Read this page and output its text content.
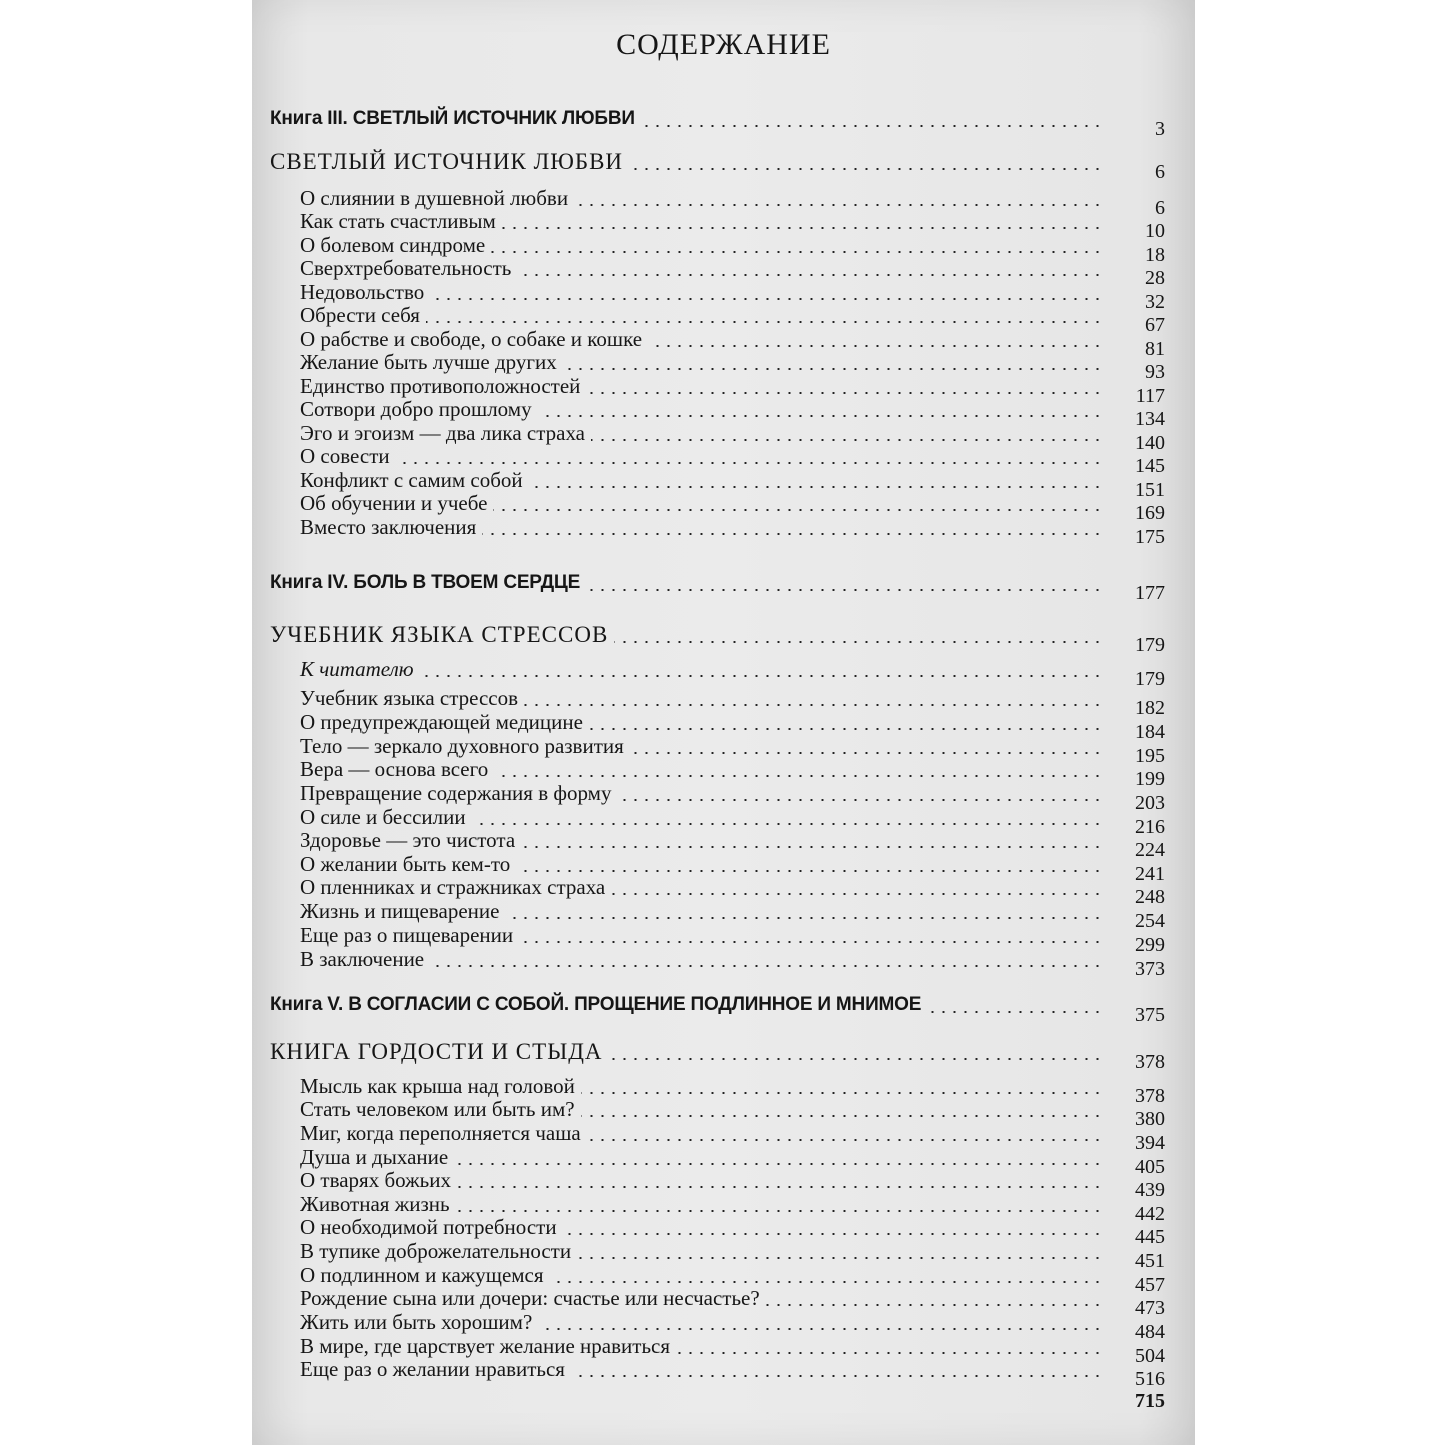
СОДЕРЖАНИЕ
Книга III. СВЕТЛЫЙ ИСТОЧНИК ЛЮБВИ	3
СВЕТЛЫЙ ИСТОЧНИК ЛЮБВИ	6
О слиянии в душевной любви	6
Как стать счастливым	10
О болевом синдроме	18
Сверхтребовательность	28
Недовольство	32
Обрести себя	67
О рабстве и свободе, о собаке и кошке	81
Желание быть лучше других	93
Единство противоположностей	117
Сотвори добро прошлому	134
Эго и эгоизм — два лика страха	140
О совести	145
Конфликт с самим собой	151
Об обучении и учебе	169
Вместо заключения	175
Книга IV. БОЛЬ В ТВОЕМ СЕРДЦЕ	177
УЧЕБНИК ЯЗЫКА СТРЕССОВ	179
К читателю	179
Учебник языка стрессов	182
О предупреждающей медицине	184
Тело — зеркало духовного развития	195
Вера — основа всего	199
Превращение содержания в форму	203
О силе и бессилии	216
Здоровье — это чистота	224
О желании быть кем-то	241
О пленниках и стражниках страха	248
Жизнь и пищеварение	254
Еще раз о пищеварении	299
В заключение	373
Книга V. В СОГЛАСИИ С СОБОЙ. ПРОЩЕНИЕ ПОДЛИННОЕ И МНИМОЕ	375
КНИГА ГОРДОСТИ И СТЫДА	378
Мысль как крыша над головой	378
Стать человеком или быть им?	380
Миг, когда переполняется чаша	394
Душа и дыхание	405
О тварях божьих	439
Животная жизнь	442
О необходимой потребности	445
В тупике доброжелательности	451
О подлинном и кажущемся	457
Рождение сына или дочери: счастье или несчастье?	473
Жить или быть хорошим?	484
В мире, где царствует желание нравиться	504
Еще раз о желании нравиться	516
715
